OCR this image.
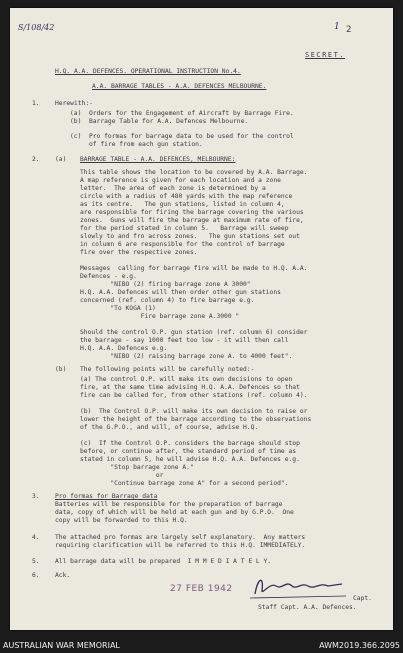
S/108/42	1 2
SECRET.
H.Q. A.A. DEFENCES. OPERATIONAL INSTRUCTION No.4.
A.A. BARRAGE TABLES - A.A. DEFENCES MELBOURNE.
1. Herewith:-
(a)  Orders for the Engagement of Aircraft by Barrage Fire.
(b)  Barrage Table for A.A. Defences Melbourne.
(c)  Pro formas for barrage data to be used for the control
of fire from each gun station.
2. (a) BARRAGE TABLE - A.A. DEFENCES, MELBOURNE:
This table shows the location to be covered by A.A. Barrage.
A map reference is given for each location and a zone
letter.  The area of each zone is determined by a
circle with a radius of 480 yards with the map reference
as its centre.   The gun stations, listed in column 4,
are responsible for firing the barrage covering the various
zones.  Guns will fire the barrage at maximum rate of fire,
for the period stated in column 5.   Barrage will sweep
slowly to and fro across zones.   The gun stations set out
in column 6 are responsible for the control of barrage
fire over the respective zones.
Messages  calling for barrage fire will be made to H.Q. A.A.
Defences - e.g.
"NIBO (2) firing barrage zone A 3000"
H.Q. A.A. Defences will then order other gun stations
concerned (ref. column 4) to fire barrage e.g.
"To KOGA (1)
Fire barrage zone A.3000 "
Should the control O.P. gun station (ref. column 6) consider
the barrage - say 1000 feet too low - it will then call
H.Q. A.A. Defences e.g.
"NIBO (2) raising barrage zone A. to 4000 feet".
(b) The following points will be carefully noted:-
(a) The control O.P. will make its own decisions to open
fire, at the same time advising H.Q. A.A. Defences so that
fire can be called for, from other stations (ref. column 4).
(b)  The Control O.P. will make its own decision to raise or
lower the height of the barrage according to the observations
of the G.P.O., and will, of course, advise H.Q.
(c)  If the Control O.P. considers the barrage should stop
before, or continue after, the standard period of time as
stated in column 5, he will advise H.Q. A.A. Defences e.g.
"Stop barrage zone A."
or
"Continue barrage zone A" for a second period".
3. Pro formas for Barrage data
Batteries will be responsible for the preparation of barrage
data, copy of which will be held at each gun and by G.P.O.  One
copy will be forwarded to this H.Q.
4. The attached pro formas are largely self explanatory.  Any matters
requiring clarification will be referred to this H.Q. IMMEDIATELY.
5. All barrage data will be prepared  I M M E D I A T E L Y.
6. Ack.
27 FEB 1942
Capt.
Staff Capt. A.A. Defences.
AUSTRALIAN WAR MEMORIAL	AWM2019.366.2095
